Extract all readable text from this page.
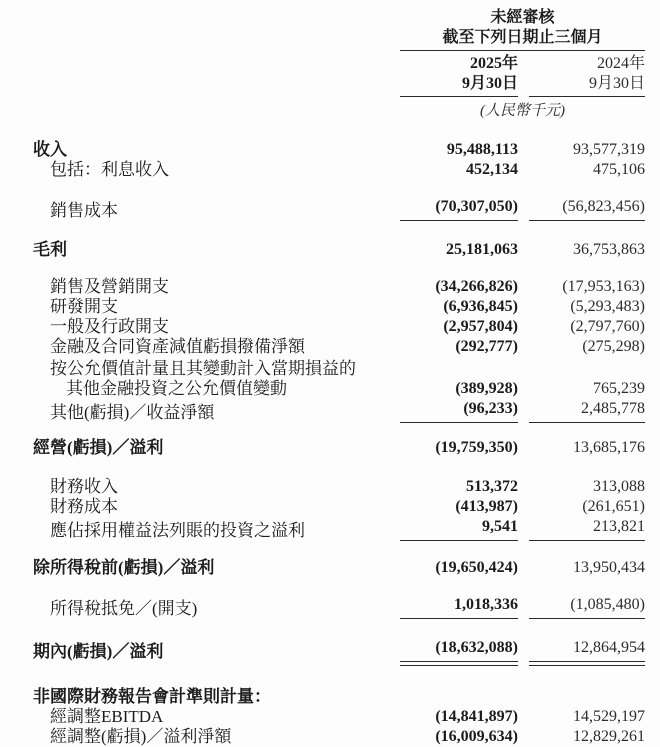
未經審核
截至下列日期止三個月
2025年
9月30日
2024年
9月30日
(人民幣千元)
收入	95,488,113	93,577,319
包括：利息收入	452,134	475,106
銷售成本	(70,307,050)	(56,823,456)
毛利	25,181,063	36,753,863
銷售及營銷開支	(34,266,826)	(17,953,163)
研發開支	(6,936,845)	(5,293,483)
一般及行政開支	(2,957,804)	(2,797,760)
金融及合同資產減值虧損撥備淨額	(292,777)	(275,298)
按公允價值計量且其變動計入當期損益的
其他金融投資之公允價值變動	(389,928)	765,239
其他(虧損)／收益淨額	(96,233)	2,485,778
經營(虧損)／溢利	(19,759,350)	13,685,176
財務收入	513,372	313,088
財務成本	(413,987)	(261,651)
應佔採用權益法列賬的投資之溢利	9,541	213,821
除所得稅前(虧損)／溢利	(19,650,424)	13,950,434
所得稅抵免／(開支)	1,018,336	(1,085,480)
期內(虧損)／溢利	(18,632,088)	12,864,954
非國際財務報告會計準則計量：
經調整EBITDA	(14,841,897)	14,529,197
經調整(虧損)／溢利淨額	(16,009,634)	12,829,261
